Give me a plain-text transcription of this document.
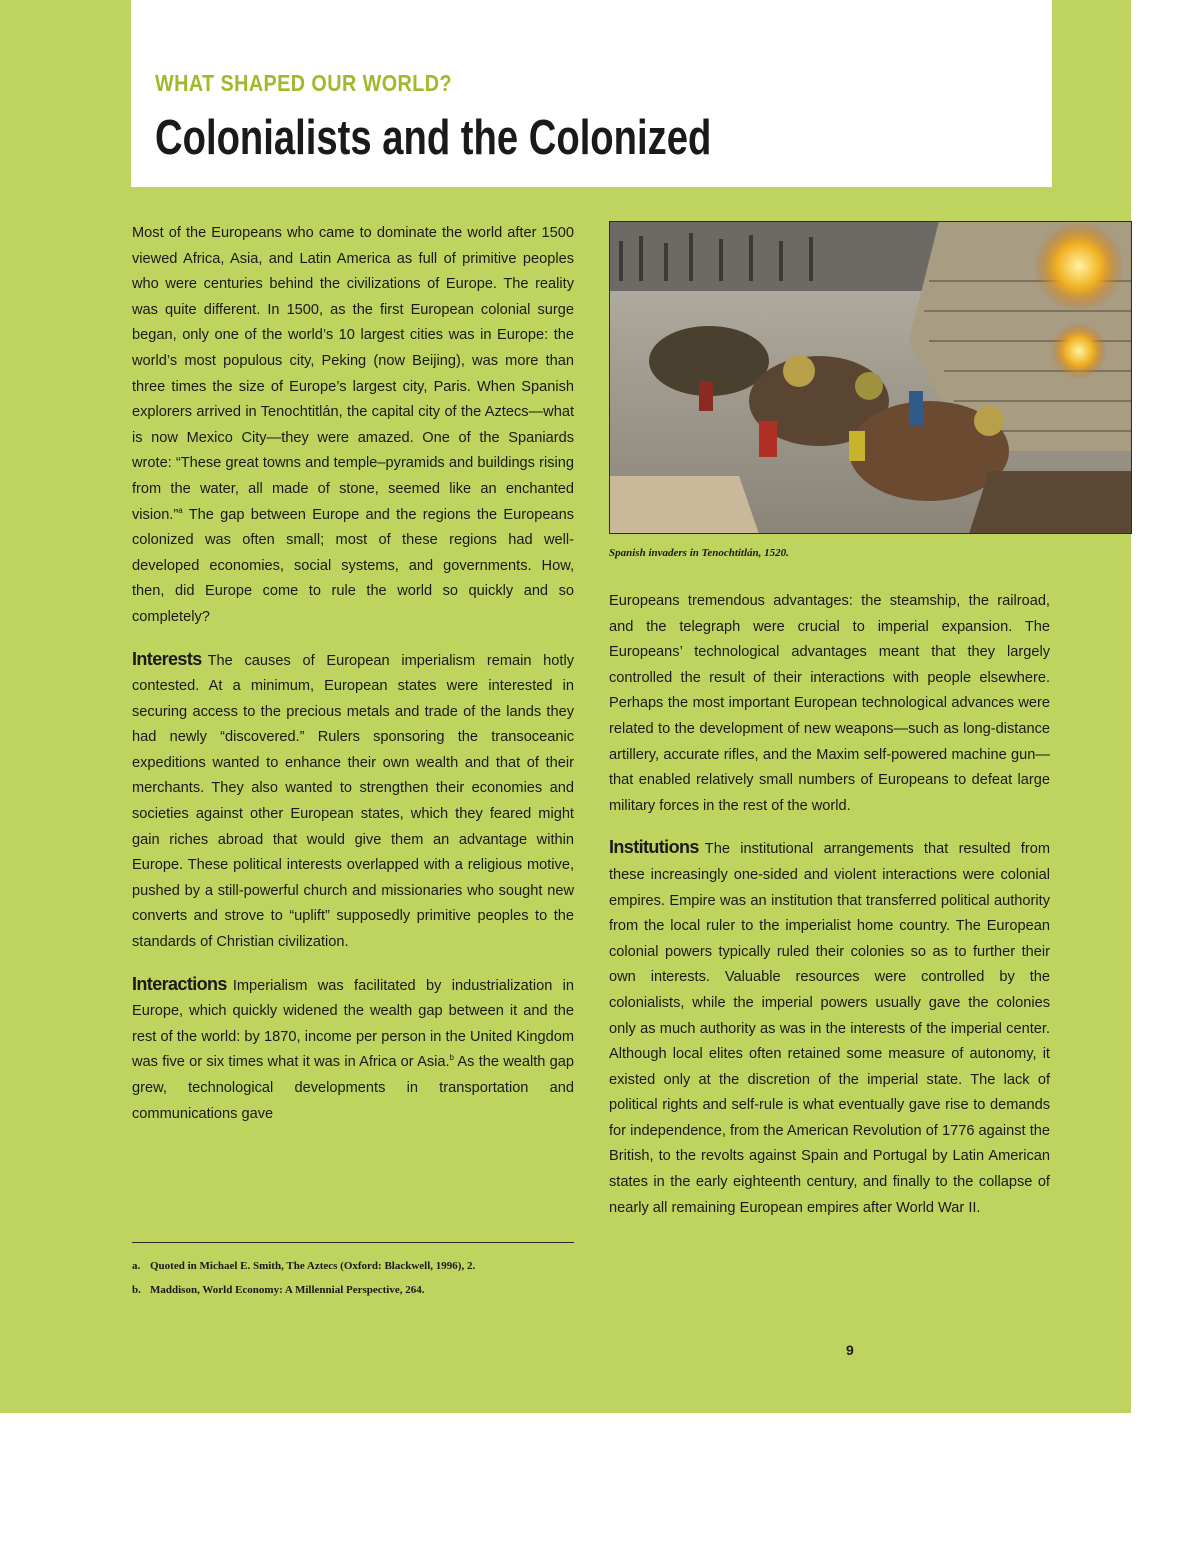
WHAT SHAPED OUR WORLD?
Colonialists and the Colonized

Most of the Europeans who came to dominate the world after 1500 viewed Africa, Asia, and Latin America as full of primitive peoples who were centuries behind the civilizations of Europe. The reality was quite different. In 1500, as the first European colonial surge began, only one of the world’s 10 largest cities was in Europe: the world’s most populous city, Peking (now Beijing), was more than three times the size of Europe’s largest city, Paris. When Spanish explorers arrived in Tenochtitlán, the capital city of the Aztecs—what is now Mexico City—they were amazed. One of the Spaniards wrote: “These great towns and temple–pyramids and buildings rising from the water, all made of stone, seemed like an enchanted vision.”$^a$ The gap between Europe and the regions the Europeans colonized was often small; most of these regions had well-developed economies, social systems, and governments. How, then, did Europe come to rule the world so quickly and so completely?

Interests The causes of European imperialism remain hotly contested. At a minimum, European states were interested in securing access to the precious metals and trade of the lands they had newly “discovered.” Rulers sponsoring the transoceanic expeditions wanted to enhance their own wealth and that of their merchants. They also wanted to strengthen their economies and societies against other European states, which they feared might gain riches abroad that would give them an advantage within Europe. These political interests overlapped with a religious motive, pushed by a still-powerful church and missionaries who sought new converts and strove to “uplift” supposedly primitive peoples to the standards of Christian civilization.

Interactions Imperialism was facilitated by industrialization in Europe, which quickly widened the wealth gap between it and the rest of the world: by 1870, income per person in the United Kingdom was five or six times what it was in Africa or Asia.$^b$ As the wealth gap grew, technological developments in transportation and communications gave

Spanish invaders in Tenochtitlán, 1520.

Europeans tremendous advantages: the steamship, the railroad, and the telegraph were crucial to imperial expansion. The Europeans’ technological advantages meant that they largely controlled the result of their interactions with people elsewhere. Perhaps the most important European technological advances were related to the development of new weapons—such as long-distance artillery, accurate rifles, and the Maxim self-powered machine gun—that enabled relatively small numbers of Europeans to defeat large military forces in the rest of the world.

Institutions The institutional arrangements that resulted from these increasingly one-sided and violent interactions were colonial empires. Empire was an institution that transferred political authority from the local ruler to the imperialist home country. The European colonial powers typically ruled their colonies so as to further their own interests. Valuable resources were controlled by the colonialists, while the imperial powers usually gave the colonies only as much authority as was in the interests of the imperial center. Although local elites often retained some measure of autonomy, it existed only at the discretion of the imperial state. The lack of political rights and self-rule is what eventually gave rise to demands for independence, from the American Revolution of 1776 against the British, to the revolts against Spain and Portugal by Latin American states in the early eighteenth century, and finally to the collapse of nearly all remaining European empires after World War II.

a. Quoted in Michael E. Smith, The Aztecs (Oxford: Blackwell, 1996), 2.
b. Maddison, World Economy: A Millennial Perspective, 264.

9
